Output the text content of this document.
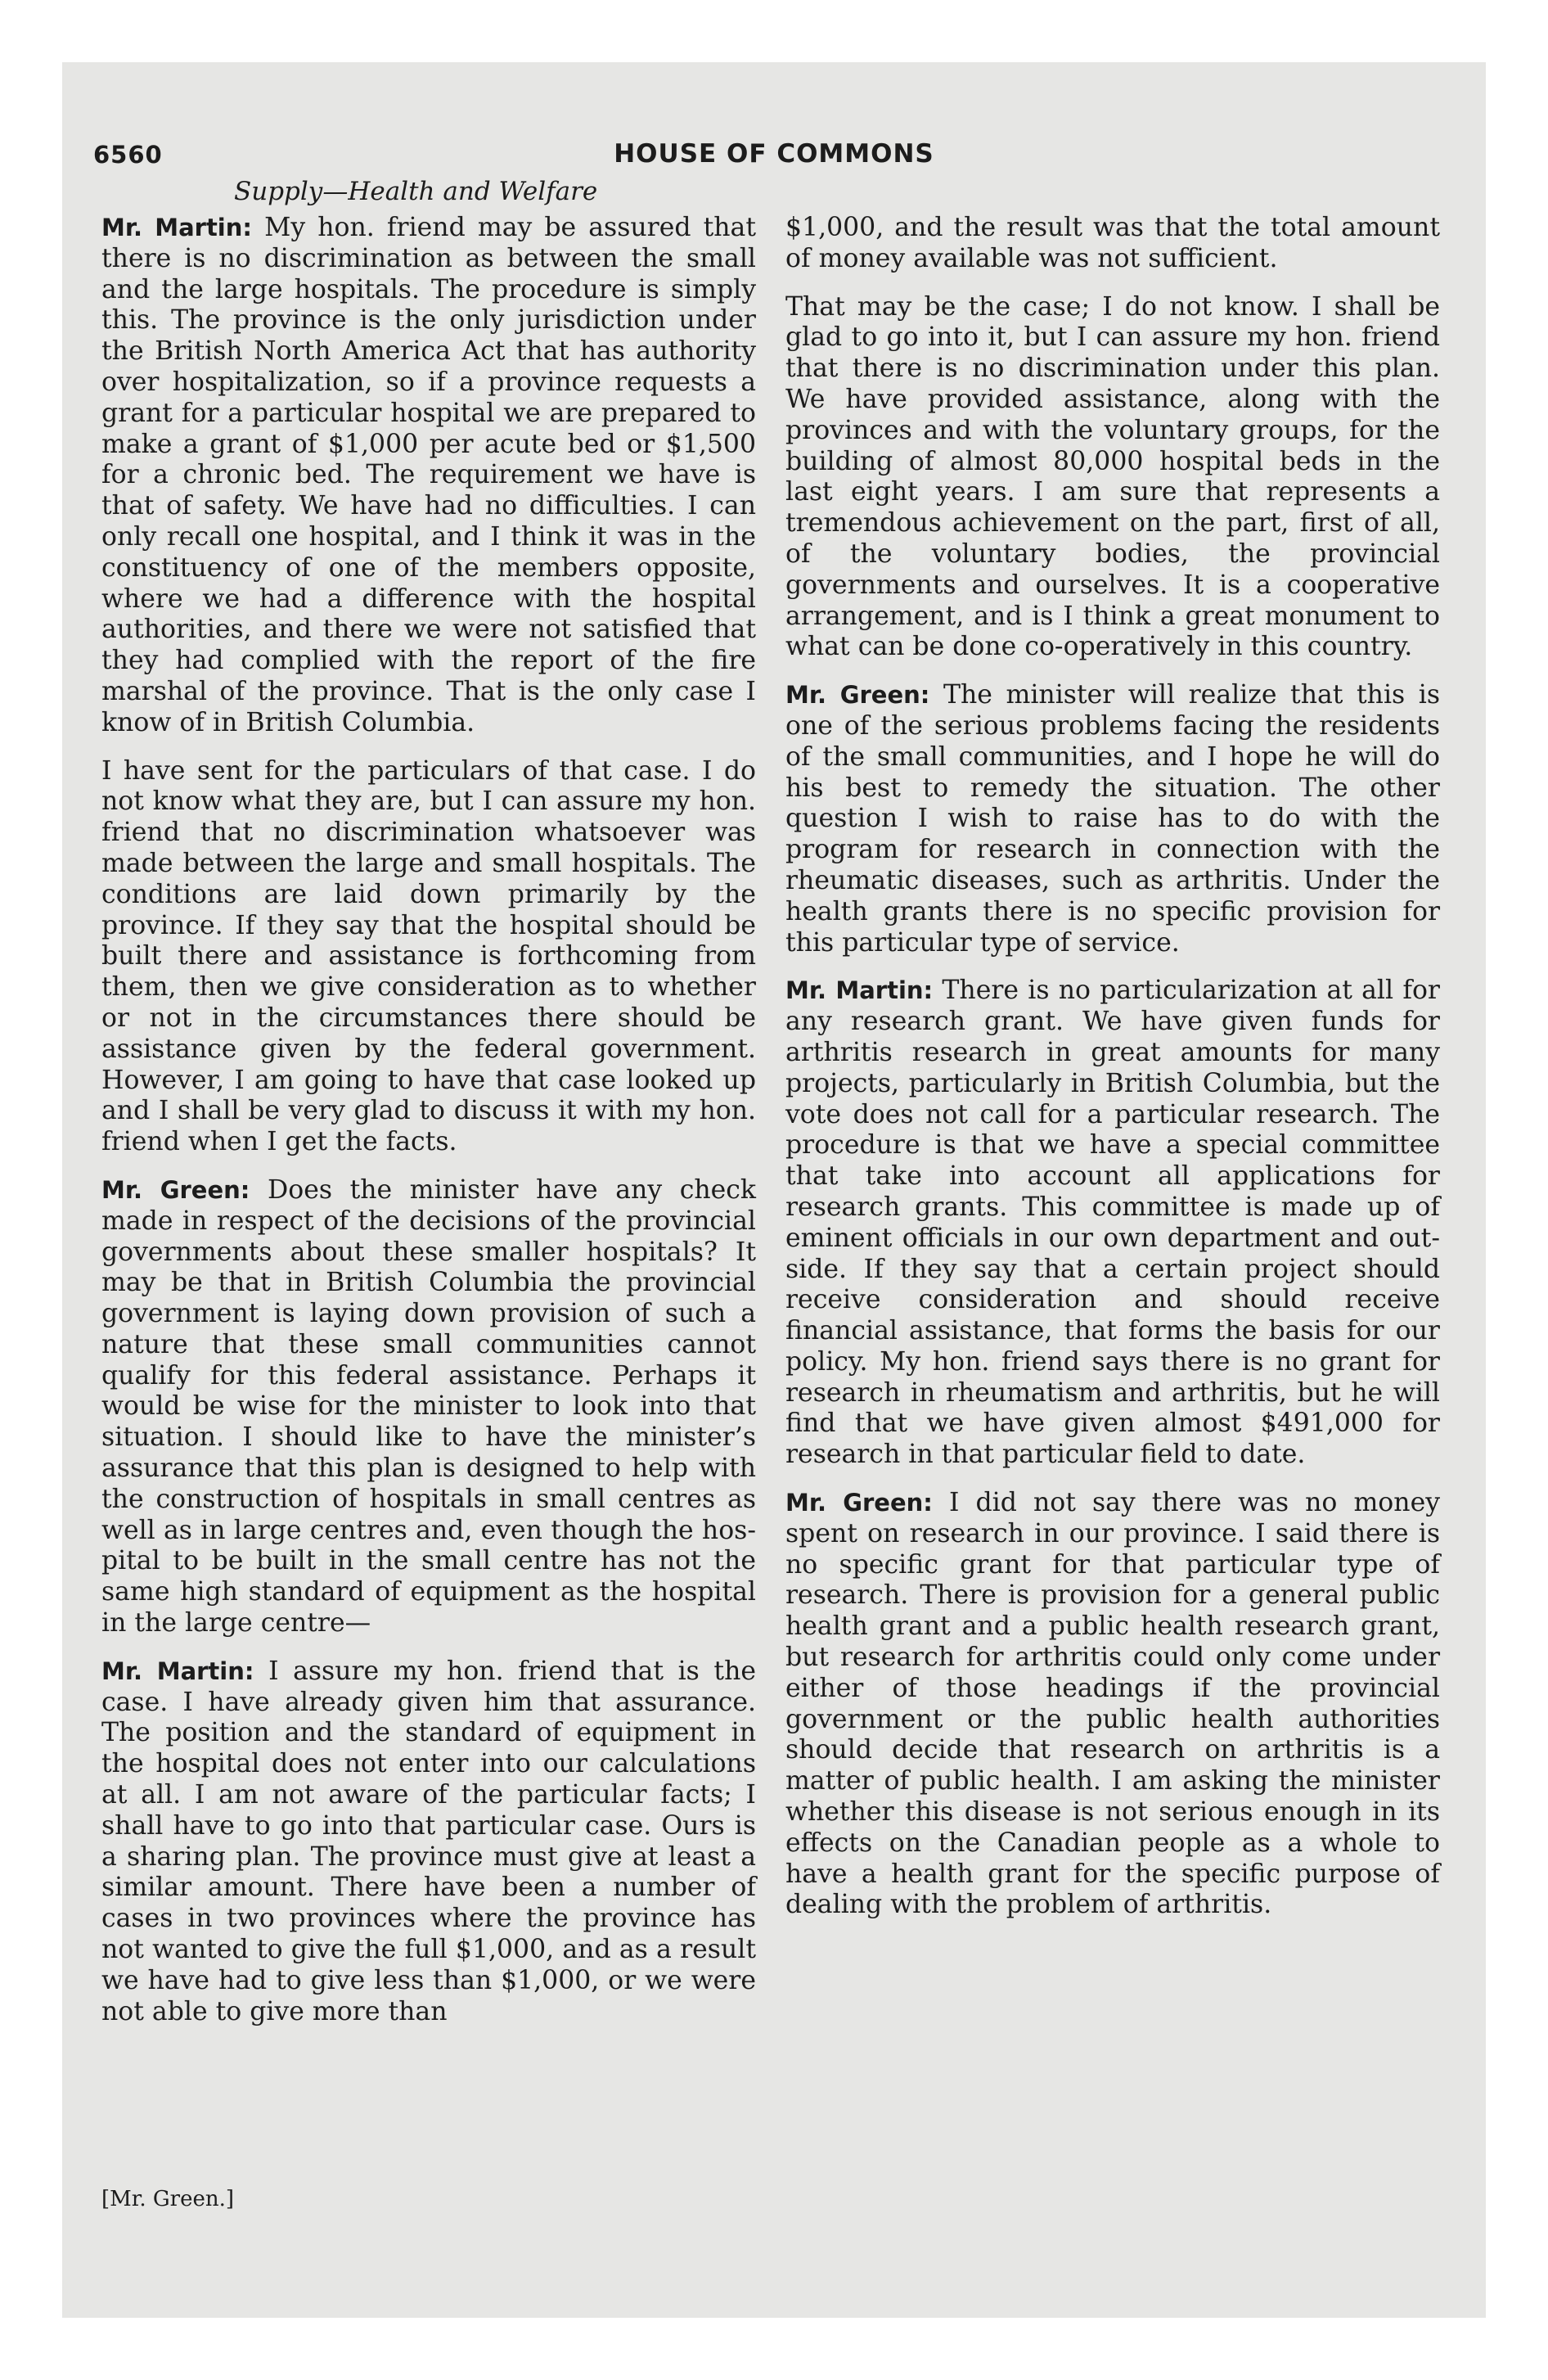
6560	HOUSE OF COMMONS
Supply—Health and Welfare

Mr. Martin: My hon. friend may be assured that there is no discrimination as between the small and the large hospitals. The procedure is simply this. The province is the only jurisdiction under the British North America Act that has authority over hospitalization, so if a province requests a grant for a particular hospital we are prepared to make a grant of $1,000 per acute bed or $1,500 for a chronic bed. The requirement we have is that of safety. We have had no difficulties. I can only recall one hospital, and I think it was in the constituency of one of the members opposite, where we had a difference with the hospital authorities, and there we were not satisfied that they had complied with the report of the fire marshal of the province. That is the only case I know of in British Columbia.

I have sent for the particulars of that case. I do not know what they are, but I can assure my hon. friend that no discrimination whatsoever was made between the large and small hospitals. The conditions are laid down primarily by the province. If they say that the hospital should be built there and assistance is forthcoming from them, then we give consideration as to whether or not in the circumstances there should be assistance given by the federal government. However, I am going to have that case looked up and I shall be very glad to discuss it with my hon. friend when I get the facts.

Mr. Green: Does the minister have any check made in respect of the decisions of the provincial governments about these smaller hospitals? It may be that in British Columbia the provincial government is laying down provision of such a nature that these small communities cannot qualify for this federal assistance. Perhaps it would be wise for the minister to look into that situation. I should like to have the minister’s assurance that this plan is designed to help with the construction of hospitals in small centres as well as in large centres and, even though the hospital to be built in the small centre has not the same high standard of equipment as the hospital in the large centre—

Mr. Martin: I assure my hon. friend that is the case. I have already given him that assurance. The position and the standard of equipment in the hospital does not enter into our calculations at all. I am not aware of the particular facts; I shall have to go into that particular case. Ours is a sharing plan. The province must give at least a similar amount. There have been a number of cases in two provinces where the province has not wanted to give the full $1,000, and as a result we have had to give less than $1,000, or we were not able to give more than

$1,000, and the result was that the total amount of money available was not sufficient.

That may be the case; I do not know. I shall be glad to go into it, but I can assure my hon. friend that there is no discrimination under this plan. We have provided assistance, along with the provinces and with the voluntary groups, for the building of almost 80,000 hospital beds in the last eight years. I am sure that represents a tremendous achievement on the part, first of all, of the voluntary bodies, the provincial governments and ourselves. It is a cooperative arrangement, and is I think a great monument to what can be done co-operatively in this country.

Mr. Green: The minister will realize that this is one of the serious problems facing the residents of the small communities, and I hope he will do his best to remedy the situation. The other question I wish to raise has to do with the program for research in connection with the rheumatic diseases, such as arthritis. Under the health grants there is no specific provision for this particular type of service.

Mr. Martin: There is no particularization at all for any research grant. We have given funds for arthritis research in great amounts for many projects, particularly in British Columbia, but the vote does not call for a particular research. The procedure is that we have a special committee that take into account all applications for research grants. This committee is made up of eminent officials in our own department and outside. If they say that a certain project should receive consideration and should receive financial assistance, that forms the basis for our policy. My hon. friend says there is no grant for research in rheumatism and arthritis, but he will find that we have given almost $491,000 for research in that particular field to date.

Mr. Green: I did not say there was no money spent on research in our province. I said there is no specific grant for that particular type of research. There is provision for a general public health grant and a public health research grant, but research for arthritis could only come under either of those headings if the provincial government or the public health authorities should decide that research on arthritis is a matter of public health. I am asking the minister whether this disease is not serious enough in its effects on the Canadian people as a whole to have a health grant for the specific purpose of dealing with the problem of arthritis.

[Mr. Green.]
